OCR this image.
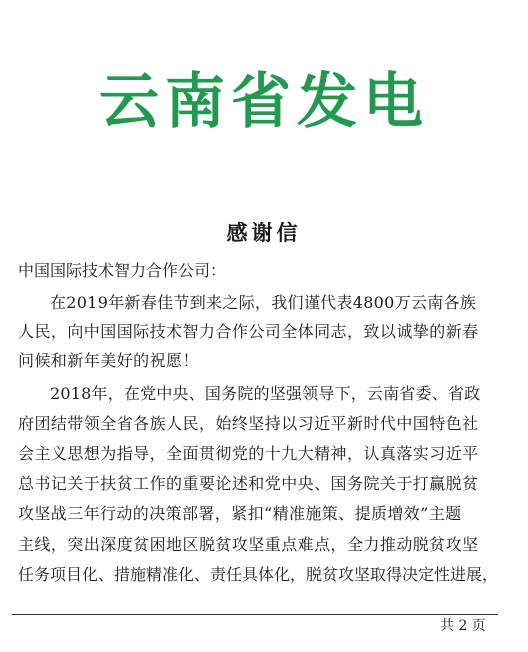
云南省发电
感谢信
中国国际技术智力合作公司：
在2019年新春佳节到来之际，我们谨代表4800万云南各族
人民，向中国国际技术智力合作公司全体同志，致以诚挚的新春
问候和新年美好的祝愿！
2018年，在党中央、国务院的坚强领导下，云南省委、省政
府团结带领全省各族人民，始终坚持以习近平新时代中国特色社
会主义思想为指导，全面贯彻党的十九大精神，认真落实习近平
总书记关于扶贫工作的重要论述和党中央、国务院关于打赢脱贫
攻坚战三年行动的决策部署，紧扣“精准施策、提质增效”主题
主线，突出深度贫困地区脱贫攻坚重点难点，全力推动脱贫攻坚
任务项目化、措施精准化、责任具体化，脱贫攻坚取得决定性进展，
共 2 页
